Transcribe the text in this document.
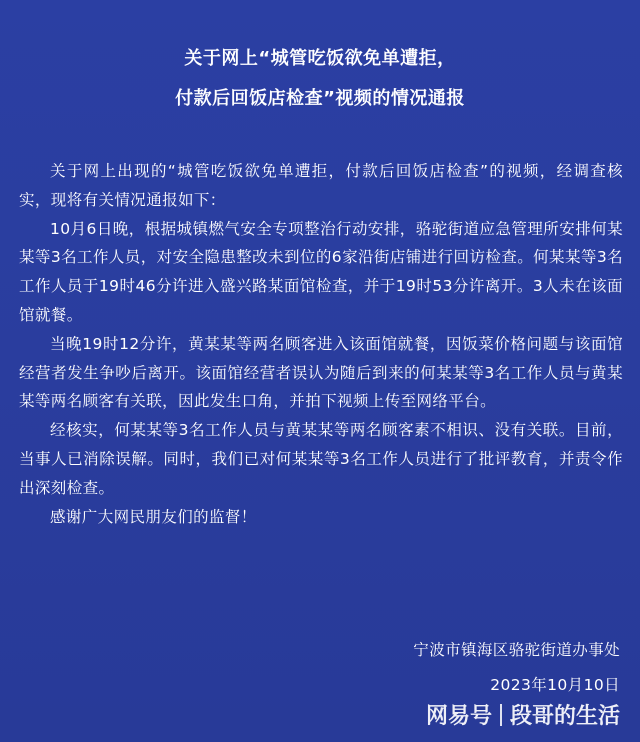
关于网上“城管吃饭欲免单遭拒，
付款后回饭店检查”视频的情况通报

关于网上出现的“城管吃饭欲免单遭拒，付款后回饭店检查”的视频，经调查核实，现将有关情况通报如下：

10月6日晚，根据城镇燃气安全专项整治行动安排，骆驼街道应急管理所安排何某某等3名工作人员，对安全隐患整改未到位的6家沿街店铺进行回访检查。何某某等3名工作人员于19时46分许进入盛兴路某面馆检查，并于19时53分许离开。3人未在该面馆就餐。

当晚19时12分许，黄某某等两名顾客进入该面馆就餐，因饭菜价格问题与该面馆经营者发生争吵后离开。该面馆经营者误认为随后到来的何某某等3名工作人员与黄某某等两名顾客有关联，因此发生口角，并拍下视频上传至网络平台。

经核实，何某某等3名工作人员与黄某某等两名顾客素不相识、没有关联。目前，当事人已消除误解。同时，我们已对何某某等3名工作人员进行了批评教育，并责令作出深刻检查。

感谢广大网民朋友们的监督！

宁波市镇海区骆驼街道办事处
2023年10月10日
网易号 段哥的生活
